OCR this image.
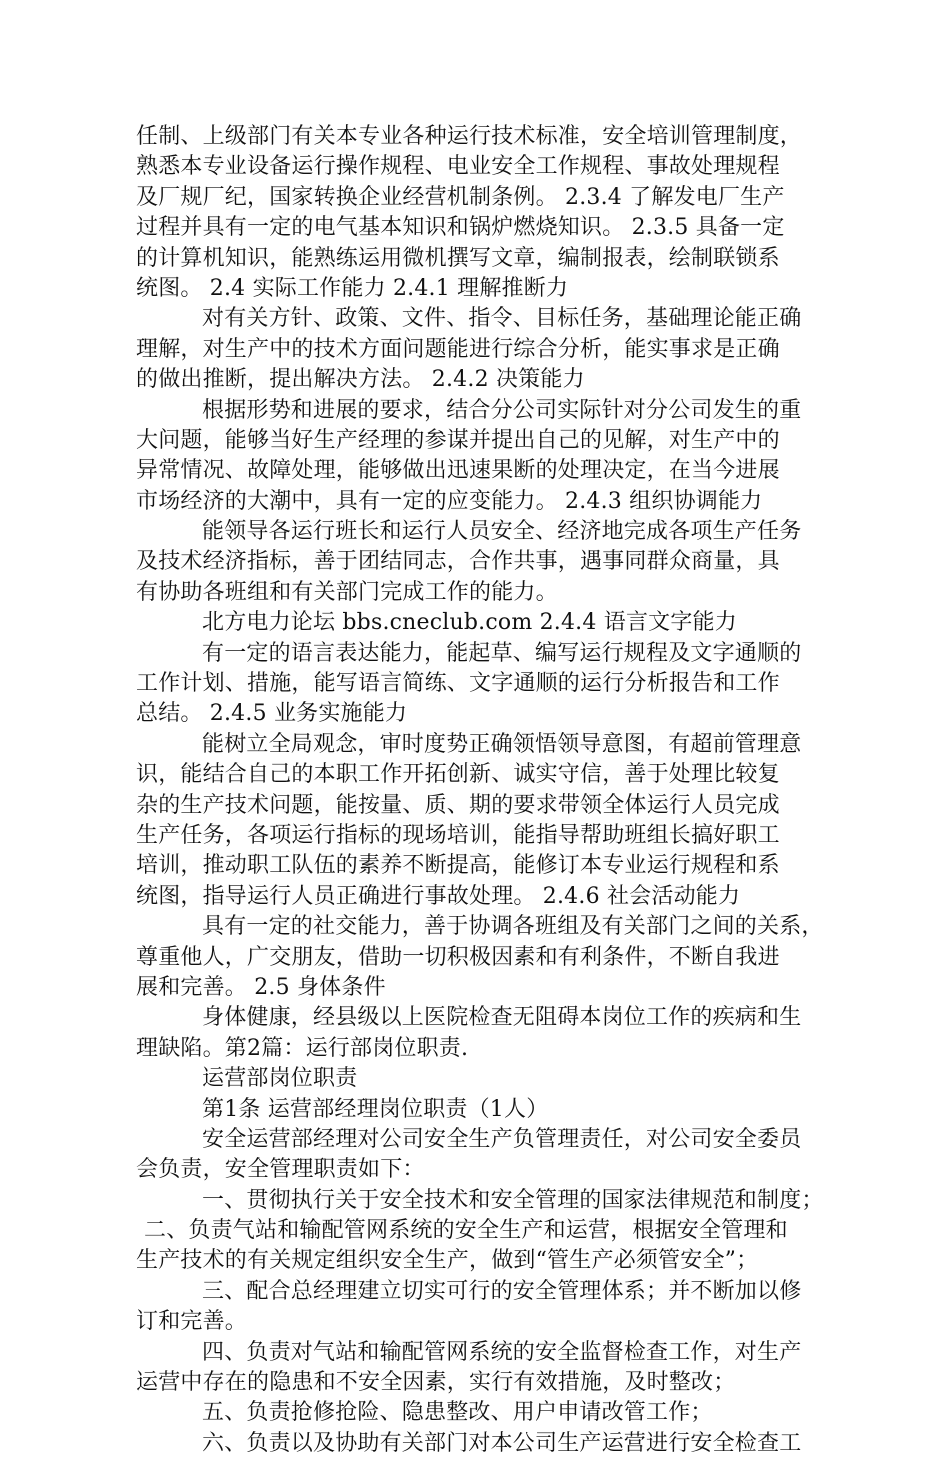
任制、上级部门有关本专业各种运行技术标准，安全培训管理制度，
熟悉本专业设备运行操作规程、电业安全工作规程、事故处理规程
及厂规厂纪，国家转换企业经营机制条例。 2.3.4 了解发电厂生产
过程并具有一定的电气基本知识和锅炉燃烧知识。 2.3.5 具备一定
的计算机知识，能熟练运用微机撰写文章，编制报表，绘制联锁系
统图。 2.4 实际工作能力 2.4.1 理解推断力
对有关方针、政策、文件、指令、目标任务，基础理论能正确
理解，对生产中的技术方面问题能进行综合分析，能实事求是正确
的做出推断，提出解决方法。 2.4.2 决策能力
根据形势和进展的要求，结合分公司实际针对分公司发生的重
大问题，能够当好生产经理的参谋并提出自己的见解，对生产中的
异常情况、故障处理，能够做出迅速果断的处理决定，在当今进展
市场经济的大潮中，具有一定的应变能力。 2.4.3 组织协调能力
能领导各运行班长和运行人员安全、经济地完成各项生产任务
及技术经济指标，善于团结同志，合作共事，遇事同群众商量，具
有协助各班组和有关部门完成工作的能力。
北方电力论坛 bbs.cneclub.com 2.4.4 语言文字能力
有一定的语言表达能力，能起草、编写运行规程及文字通顺的
工作计划、措施，能写语言简练、文字通顺的运行分析报告和工作
总结。 2.4.5 业务实施能力
能树立全局观念，审时度势正确领悟领导意图，有超前管理意
识，能结合自己的本职工作开拓创新、诚实守信，善于处理比较复
杂的生产技术问题，能按量、质、期的要求带领全体运行人员完成
生产任务，各项运行指标的现场培训，能指导帮助班组长搞好职工
培训，推动职工队伍的素养不断提高，能修订本专业运行规程和系
统图，指导运行人员正确进行事故处理。 2.4.6 社会活动能力
具有一定的社交能力，善于协调各班组及有关部门之间的关系，
尊重他人，广交朋友，借助一切积极因素和有利条件，不断自我进
展和完善。 2.5 身体条件
身体健康，经县级以上医院检查无阻碍本岗位工作的疾病和生
理缺陷。第2篇：运行部岗位职责.
运营部岗位职责
第1条 运营部经理岗位职责（1人）
安全运营部经理对公司安全生产负管理责任，对公司安全委员
会负责，安全管理职责如下：
一、贯彻执行关于安全技术和安全管理的国家法律规范和制度；
二、负责气站和输配管网系统的安全生产和运营，根据安全管理和
生产技术的有关规定组织安全生产，做到“管生产必须管安全”；
三、配合总经理建立切实可行的安全管理体系；并不断加以修
订和完善。
四、负责对气站和输配管网系统的安全监督检查工作，对生产
运营中存在的隐患和不安全因素，实行有效措施，及时整改；
五、负责抢修抢险、隐患整改、用户申请改管工作；
六、负责以及协助有关部门对本公司生产运营进行安全检查工
